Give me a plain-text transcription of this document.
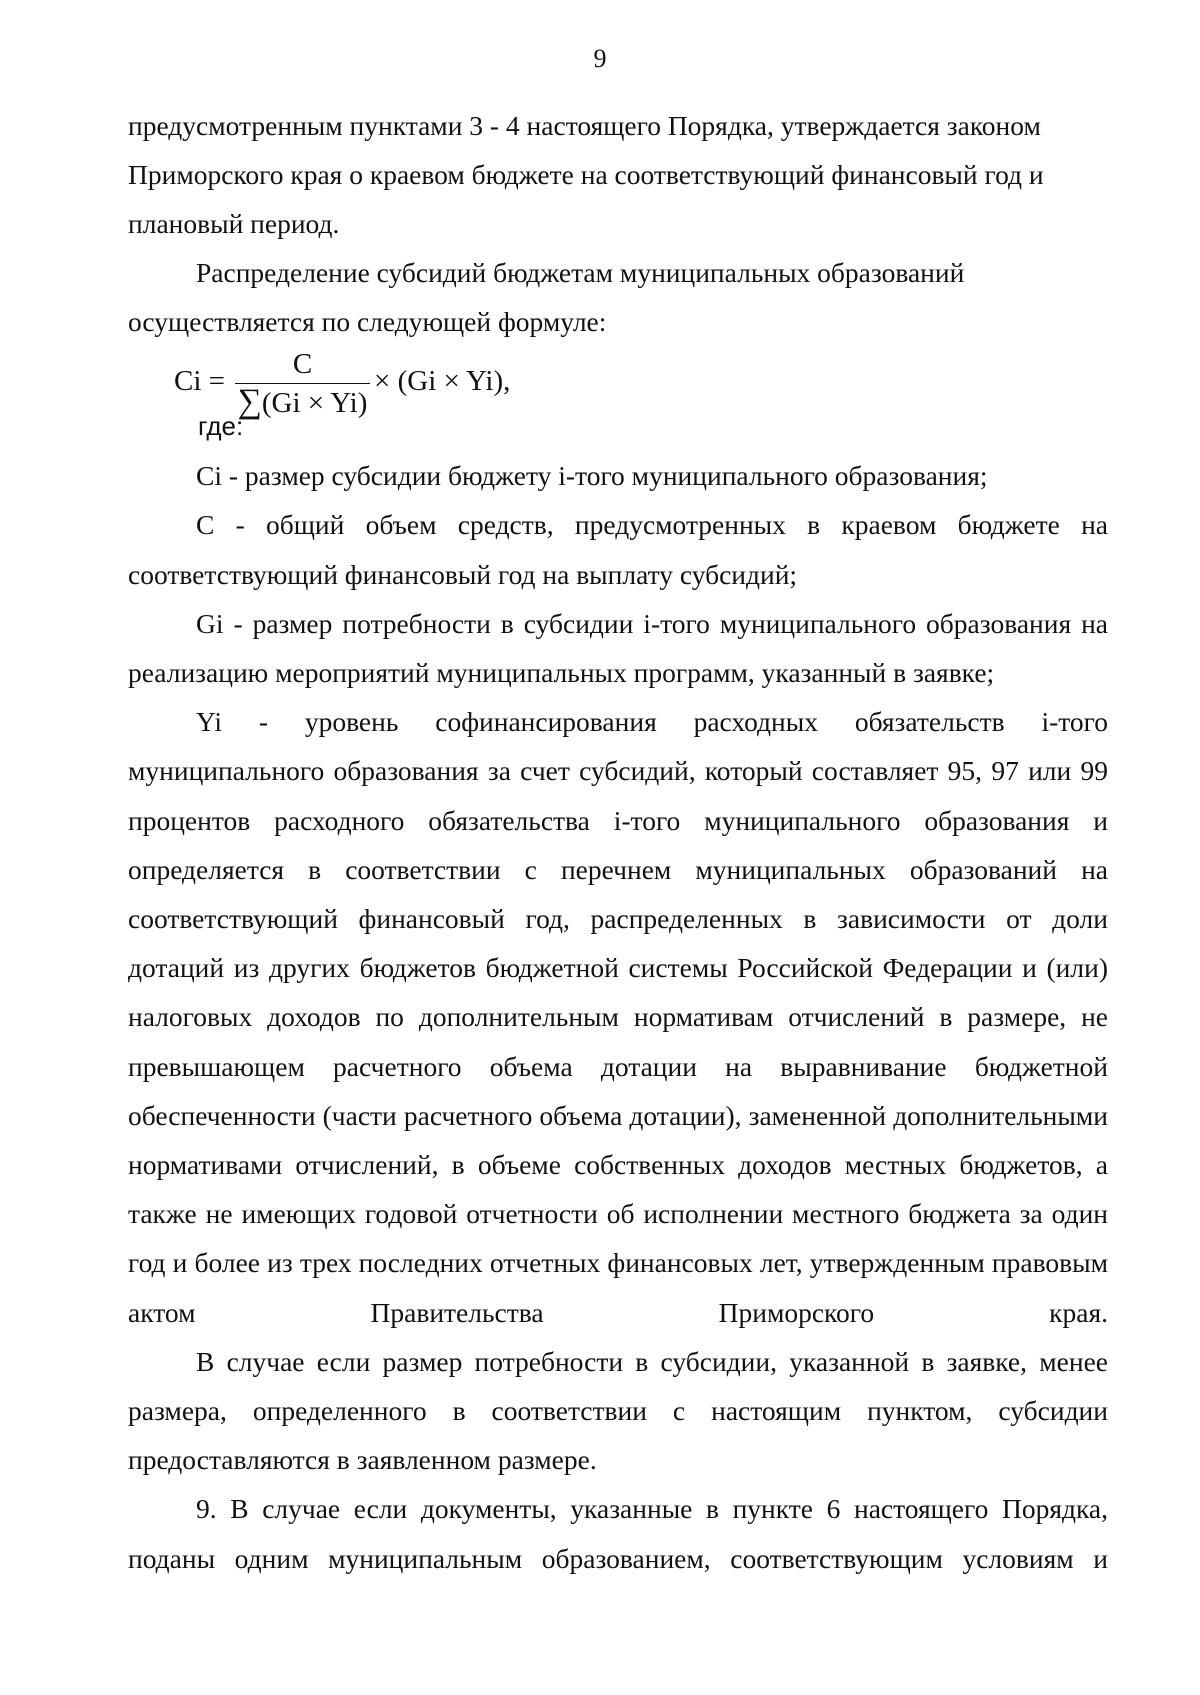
9

предусмотренным пунктами 3 - 4 настоящего Порядка, утверждается законом Приморского края о краевом бюджете на соответствующий финансовый год и плановый период.

Распределение субсидий бюджетам муниципальных образований осуществляется по следующей формуле:

Ci =
C
∑(Gi × Yi)
× (Gi × Yi),

где:

Ci - размер субсидии бюджету i-того муниципального образования;

C - общий объем средств, предусмотренных в краевом бюджете на соответствующий финансовый год на выплату субсидий;

Gi - размер потребности в субсидии i-того муниципального образования на реализацию мероприятий муниципальных программ, указанный в заявке;

Yi - уровень софинансирования расходных обязательств i-того муниципального образования за счет субсидий, который составляет 95, 97 или 99 процентов расходного обязательства i-того муниципального образования и определяется в соответствии с перечнем муниципальных образований на соответствующий финансовый год, распределенных в зависимости от доли дотаций из других бюджетов бюджетной системы Российской Федерации и (или) налоговых доходов по дополнительным нормативам отчислений в размере, не превышающем расчетного объема дотации на выравнивание бюджетной обеспеченности (части расчетного объема дотации), замененной дополнительными нормативами отчислений, в объеме собственных доходов местных бюджетов, а также не имеющих годовой отчетности об исполнении местного бюджета за один год и более из трех последних отчетных финансовых лет, утвержденным правовым актом Правительства Приморского края.

В случае если размер потребности в субсидии, указанной в заявке, менее размера, определенного в соответствии с настоящим пунктом, субсидии предоставляются в заявленном размере.

9. В случае если документы, указанные в пункте 6 настоящего Порядка, поданы одним муниципальным образованием, соответствующим условиям и
